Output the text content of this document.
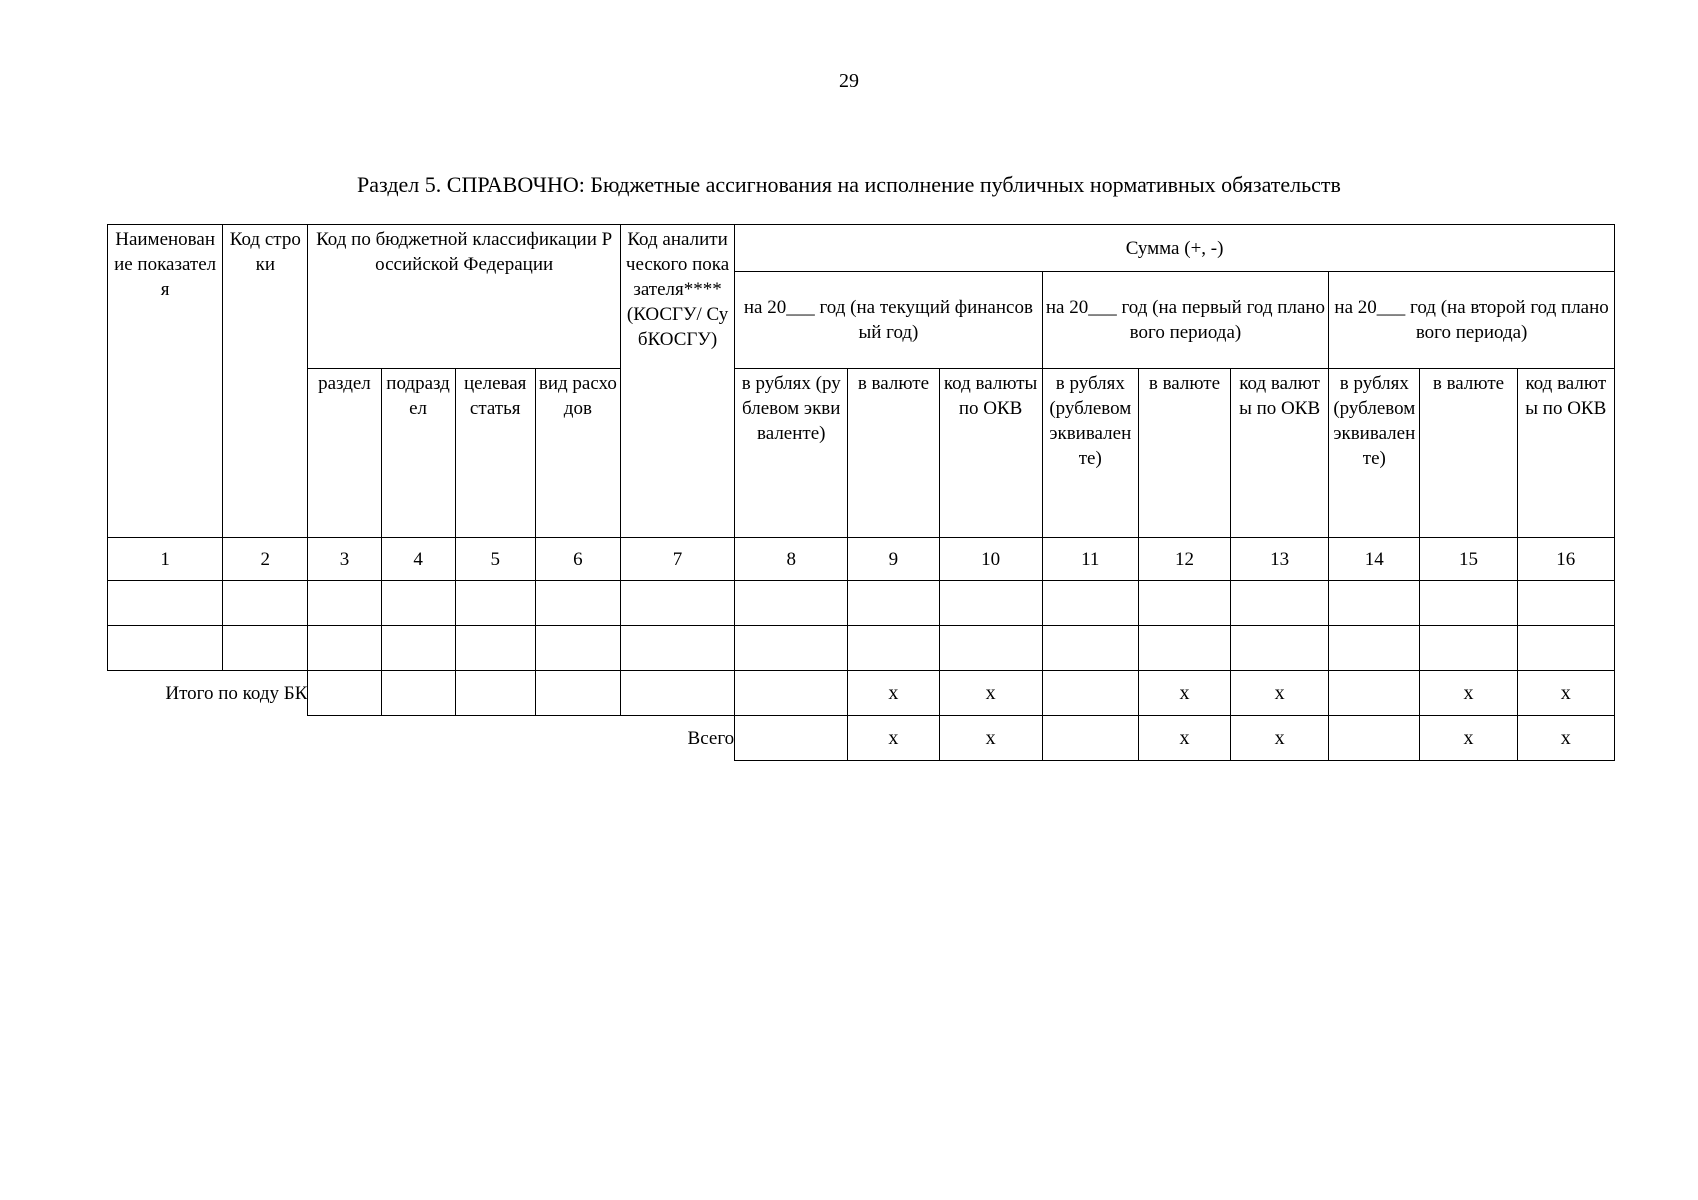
29
Раздел 5. СПРАВОЧНО: Бюджетные ассигнования на исполнение публичных нормативных обязательств
Наименование показателя	Код строки	Код по бюджетной классификации Российской Федерации				Код аналитического показателя**** (КОСГУ/ СубКОСГУ)	Сумма (+, -)								
							на 20___ год (на текущий финансовый год)			на 20___ год (на первый год планового периода)			на 20___ год (на второй год планового периода)		
		раздел	подраздел	целевая статья	вид расходов		в рублях (рублевом эквиваленте)	в валюте	код валюты по ОКВ	в рублях (рублевом эквиваленте)	в валюте	код валюты по ОКВ	в рублях (рублевом эквиваленте)	в валюте	код валюты по ОКВ
1	2	3	4	5	6	7	8	9	10	11	12	13	14	15	16

Итого по коду БК								x	x		x	x		x	x
Всего								x	x		x	x		x	x
